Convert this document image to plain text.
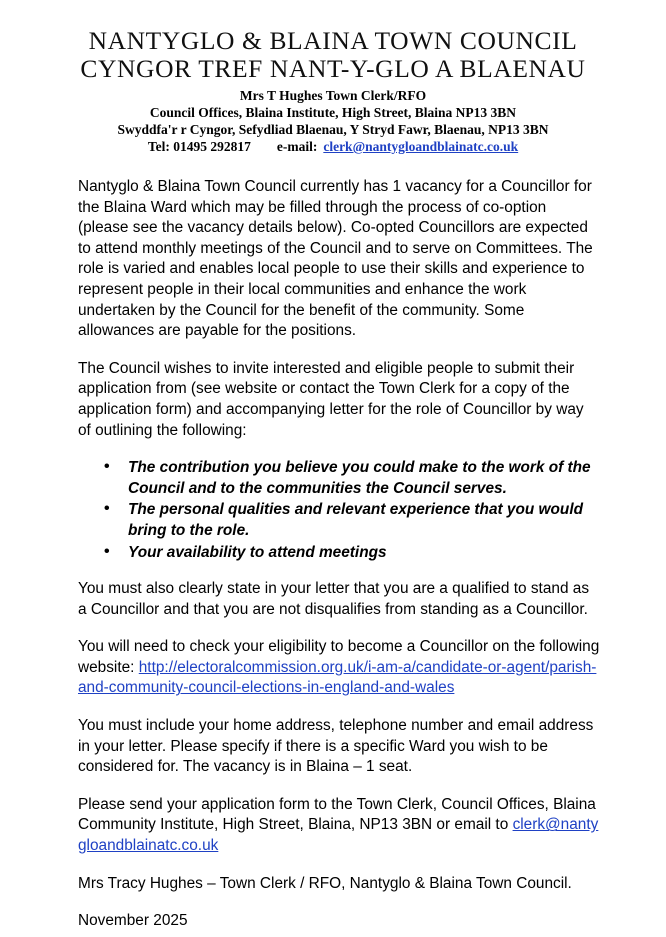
NANTYGLO & BLAINA TOWN COUNCIL
CYNGOR TREF NANT-Y-GLO A BLAENAU
Mrs T Hughes Town Clerk/RFO
Council Offices, Blaina Institute, High Street, Blaina NP13 3BN
Swyddfa'r r Cyngor, Sefydliad Blaenau, Y Stryd Fawr, Blaenau, NP13 3BN
Tel: 01495 292817 e-mail: clerk@nantygloandblainatc.co.uk

Nantyglo & Blaina Town Council currently has 1 vacancy for a Councillor for the Blaina Ward which may be filled through the process of co-option (please see the vacancy details below). Co-opted Councillors are expected to attend monthly meetings of the Council and to serve on Committees. The role is varied and enables local people to use their skills and experience to represent people in their local communities and enhance the work undertaken by the Council for the benefit of the community. Some allowances are payable for the positions.

The Council wishes to invite interested and eligible people to submit their application from (see website or contact the Town Clerk for a copy of the application form) and accompanying letter for the role of Councillor by way of outlining the following:

• The contribution you believe you could make to the work of the Council and to the communities the Council serves.
• The personal qualities and relevant experience that you would bring to the role.
• Your availability to attend meetings

You must also clearly state in your letter that you are a qualified to stand as a Councillor and that you are not disqualifies from standing as a Councillor.

You will need to check your eligibility to become a Councillor on the following website: http://electoralcommission.org.uk/i-am-a/candidate-or-agent/parish-and-community-council-elections-in-england-and-wales

You must include your home address, telephone number and email address in your letter. Please specify if there is a specific Ward you wish to be considered for. The vacancy is in Blaina – 1 seat.

Please send your application form to the Town Clerk, Council Offices, Blaina Community Institute, High Street, Blaina, NP13 3BN or email to clerk@nantygloandblainatc.co.uk

Mrs Tracy Hughes – Town Clerk / RFO, Nantyglo & Blaina Town Council.

November 2025
